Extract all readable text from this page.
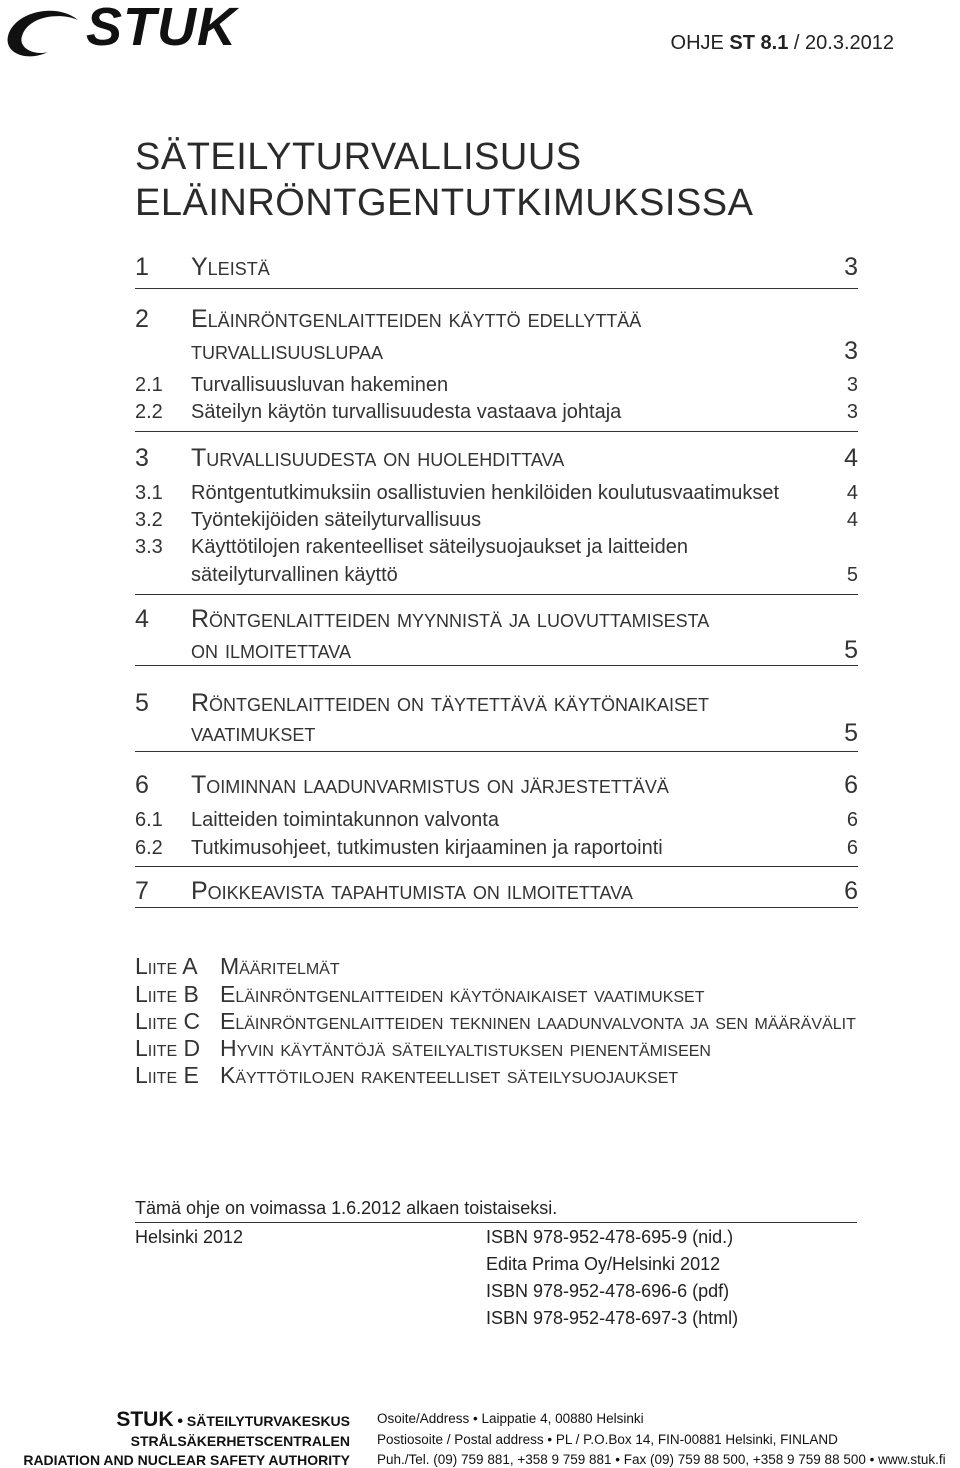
STUK	OHJE ST 8.1 / 20.3.2012
SÄTEILYTURVALLISUUS
ELÄINRÖNTGENTUTKIMUKSISSA
1 Yleistä	3
2 Eläinröntgenlaitteiden käyttö edellyttää
turvallisuuslupaa	3
2.1 Turvallisuusluvan hakeminen	3
2.2 Säteilyn käytön turvallisuudesta vastaava johtaja	3
3 Turvallisuudesta on huolehdittava	4
3.1 Röntgentutkimuksiin osallistuvien henkilöiden koulutusvaatimukset	4
3.2 Työntekijöiden säteilyturvallisuus	4
3.3 Käyttötilojen rakenteelliset säteilysuojaukset ja laitteiden
säteilyturvallinen käyttö	5
4 Röntgenlaitteiden myynnistä ja luovuttamisesta
on ilmoitettava	5
5 Röntgenlaitteiden on täytettävä käytönaikaiset
vaatimukset	5
6 Toiminnan laadunvarmistus on järjestettävä	6
6.1 Laitteiden toimintakunnon valvonta	6
6.2 Tutkimusohjeet, tutkimusten kirjaaminen ja raportointi	6
7 Poikkeavista tapahtumista on ilmoitettava	6
Liite A Määritelmät
Liite B Eläinröntgenlaitteiden käytönaikaiset vaatimukset
Liite C Eläinröntgenlaitteiden tekninen laadunvalvonta ja sen määrävälit
Liite D Hyvin käytäntöjä säteilyaltistuksen pienentämiseen
Liite E Käyttötilojen rakenteelliset säteilysuojaukset
Tämä ohje on voimassa 1.6.2012 alkaen toistaiseksi.
Helsinki 2012	ISBN 978-952-478-695-9 (nid.)
Edita Prima Oy/Helsinki 2012
ISBN 978-952-478-696-6 (pdf)
ISBN 978-952-478-697-3 (html)
STUK • SÄTEILYTURVAKESKUS
STRÅLSÄKERHETSCENTRALEN
RADIATION AND NUCLEAR SAFETY AUTHORITY
Osoite/Address • Laippatie 4, 00880 Helsinki
Postiosoite / Postal address • PL / P.O.Box 14, FIN-00881 Helsinki, FINLAND
Puh./Tel. (09) 759 881, +358 9 759 881 • Fax (09) 759 88 500, +358 9 759 88 500 • www.stuk.fi
